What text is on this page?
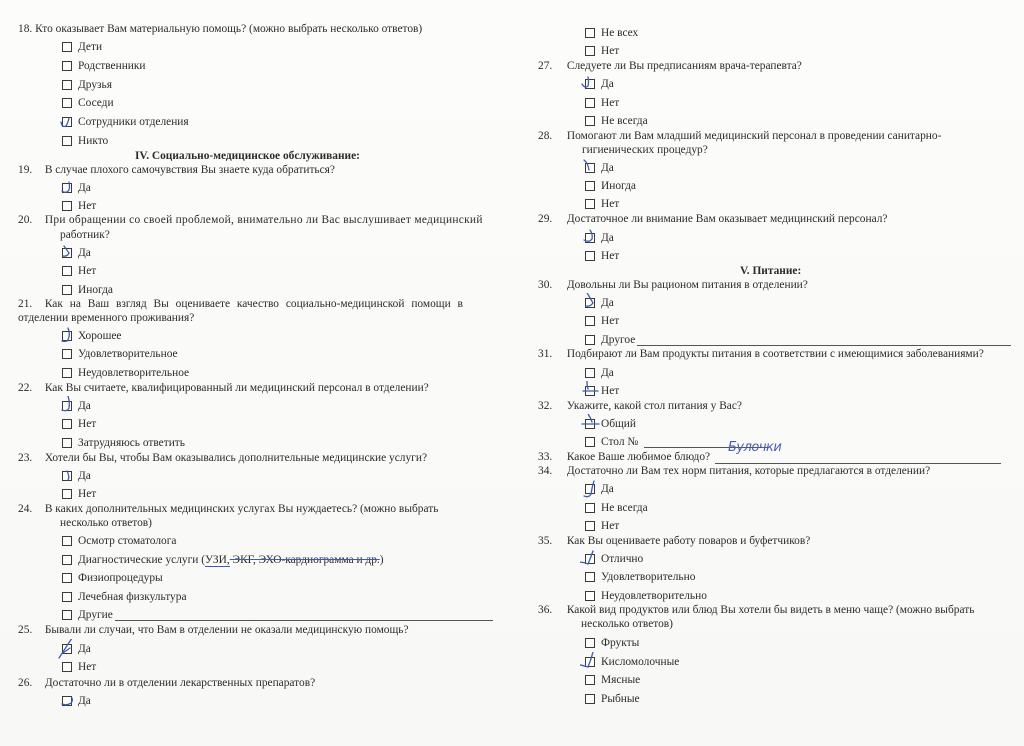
18. Кто оказывает Вам материальную помощь? (можно выбрать несколько ответов)
Дети
Родственники
Друзья
Соседи
Сотрудники отделения
Никто
IV. Социально-медицинское обслуживание:
19. В случае плохого самочувствия Вы знаете куда обратиться?
Да
Нет
20. При обращении со своей проблемой, внимательно ли Вас выслушивает медицинский
работник?
Да
Нет
Иногда
21. Как на Ваш взгляд Вы оцениваете качество социально-медицинской помощи в
отделении временного проживания?
Хорошее
Удовлетворительное
Неудовлетворительное
22. Как Вы считаете, квалифицированный ли медицинский персонал в отделении?
Да
Нет
Затрудняюсь ответить
23. Хотели бы Вы, чтобы Вам оказывались дополнительные медицинские услуги?
Да
Нет
24. В каких дополнительных медицинских услугах Вы нуждаетесь? (можно выбрать
несколько ответов)
Осмотр стоматолога
Диагностические услуги (УЗИ, ЭКГ, ЭХО-кардиограмма и др.)
Физиопроцедуры
Лечебная физкультура
Другие
25. Бывали ли случаи, что Вам в отделении не оказали медицинскую помощь?
Да
Нет
26. Достаточно ли в отделении лекарственных препаратов?
Да
Не всех
Нет
27. Следуете ли Вы предписаниям врача-терапевта?
Да
Нет
Не всегда
28. Помогают ли Вам младший медицинский персонал в проведении санитарно-
гигиенических процедур?
Да
Иногда
Нет
29. Достаточное ли внимание Вам оказывает медицинский персонал?
Да
Нет
V. Питание:
30. Довольны ли Вы рационом питания в отделении?
Да
Нет
Другое
31. Подбирают ли Вам продукты питания в соответствии с имеющимися заболеваниями?
Да
Нет
32. Укажите, какой стол питания у Вас?
Общий
Стол №
33. Какое Ваше любимое блюдо?
Булочки
34. Достаточно ли Вам тех норм питания, которые предлагаются в отделении?
Да
Не всегда
Нет
35. Как Вы оцениваете работу поваров и буфетчиков?
Отлично
Удовлетворительно
Неудовлетворительно
36. Какой вид продуктов или блюд Вы хотели бы видеть в меню чаще? (можно выбрать
несколько ответов)
Фрукты
Кисломолочные
Мясные
Рыбные
